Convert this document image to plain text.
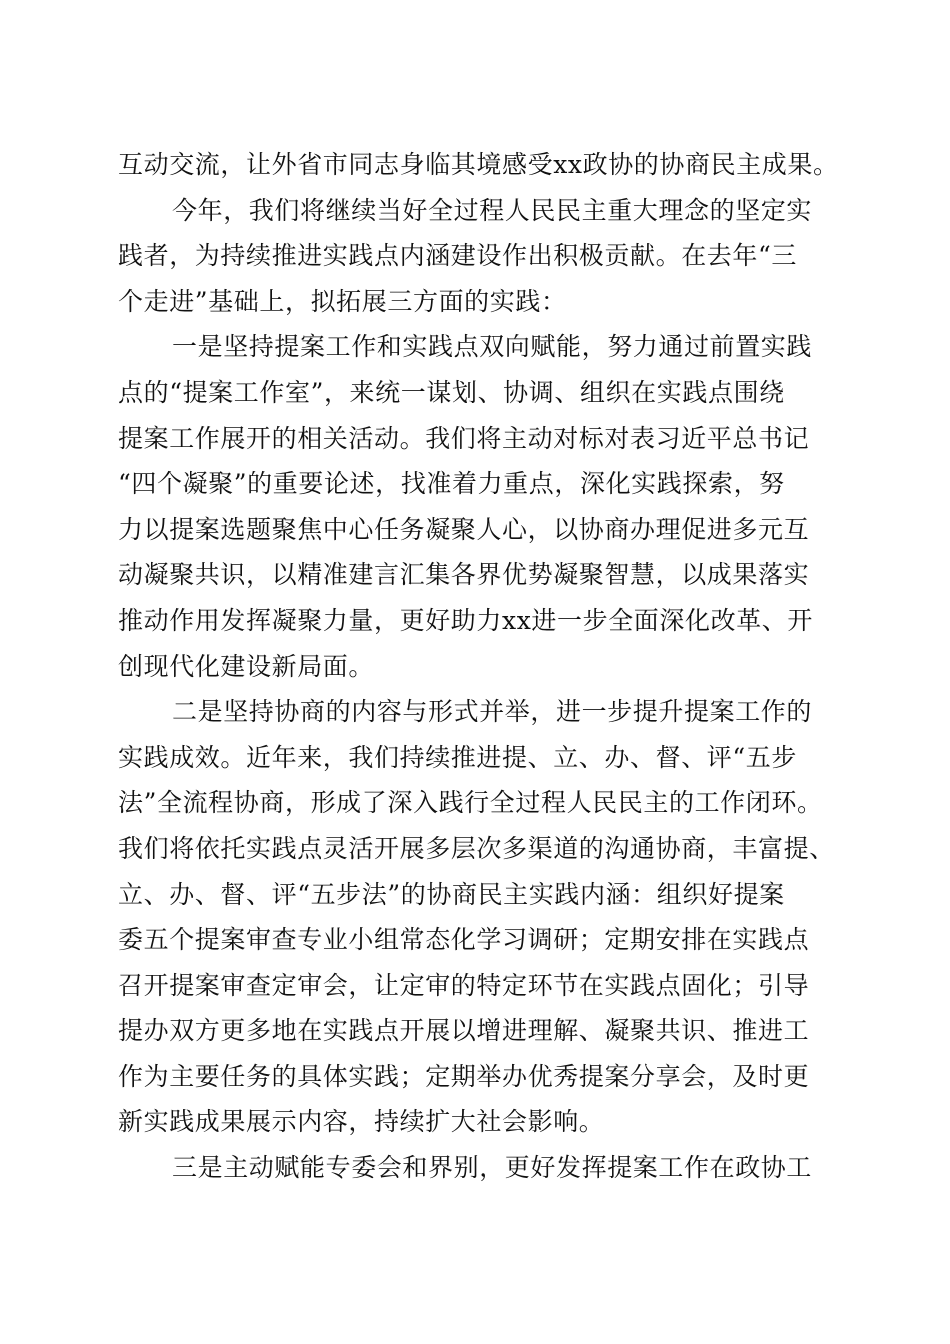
互动交流，让外省市同志身临其境感受xx政协的协商民主成果。
今年，我们将继续当好全过程人民民主重大理念的坚定实
践者，为持续推进实践点内涵建设作出积极贡献。在去年“三
个走进”基础上，拟拓展三方面的实践：
一是坚持提案工作和实践点双向赋能，努力通过前置实践
点的“提案工作室”，来统一谋划、协调、组织在实践点围绕
提案工作展开的相关活动。我们将主动对标对表习近平总书记
“四个凝聚”的重要论述，找准着力重点，深化实践探索，努
力以提案选题聚焦中心任务凝聚人心，以协商办理促进多元互
动凝聚共识，以精准建言汇集各界优势凝聚智慧，以成果落实
推动作用发挥凝聚力量，更好助力xx进一步全面深化改革、开
创现代化建设新局面。
二是坚持协商的内容与形式并举，进一步提升提案工作的
实践成效。近年来，我们持续推进提、立、办、督、评“五步
法”全流程协商，形成了深入践行全过程人民民主的工作闭环。
我们将依托实践点灵活开展多层次多渠道的沟通协商，丰富提、
立、办、督、评“五步法”的协商民主实践内涵：组织好提案
委五个提案审查专业小组常态化学习调研；定期安排在实践点
召开提案审查定审会，让定审的特定环节在实践点固化；引导
提办双方更多地在实践点开展以增进理解、凝聚共识、推进工
作为主要任务的具体实践；定期举办优秀提案分享会，及时更
新实践成果展示内容，持续扩大社会影响。
三是主动赋能专委会和界别，更好发挥提案工作在政协工
